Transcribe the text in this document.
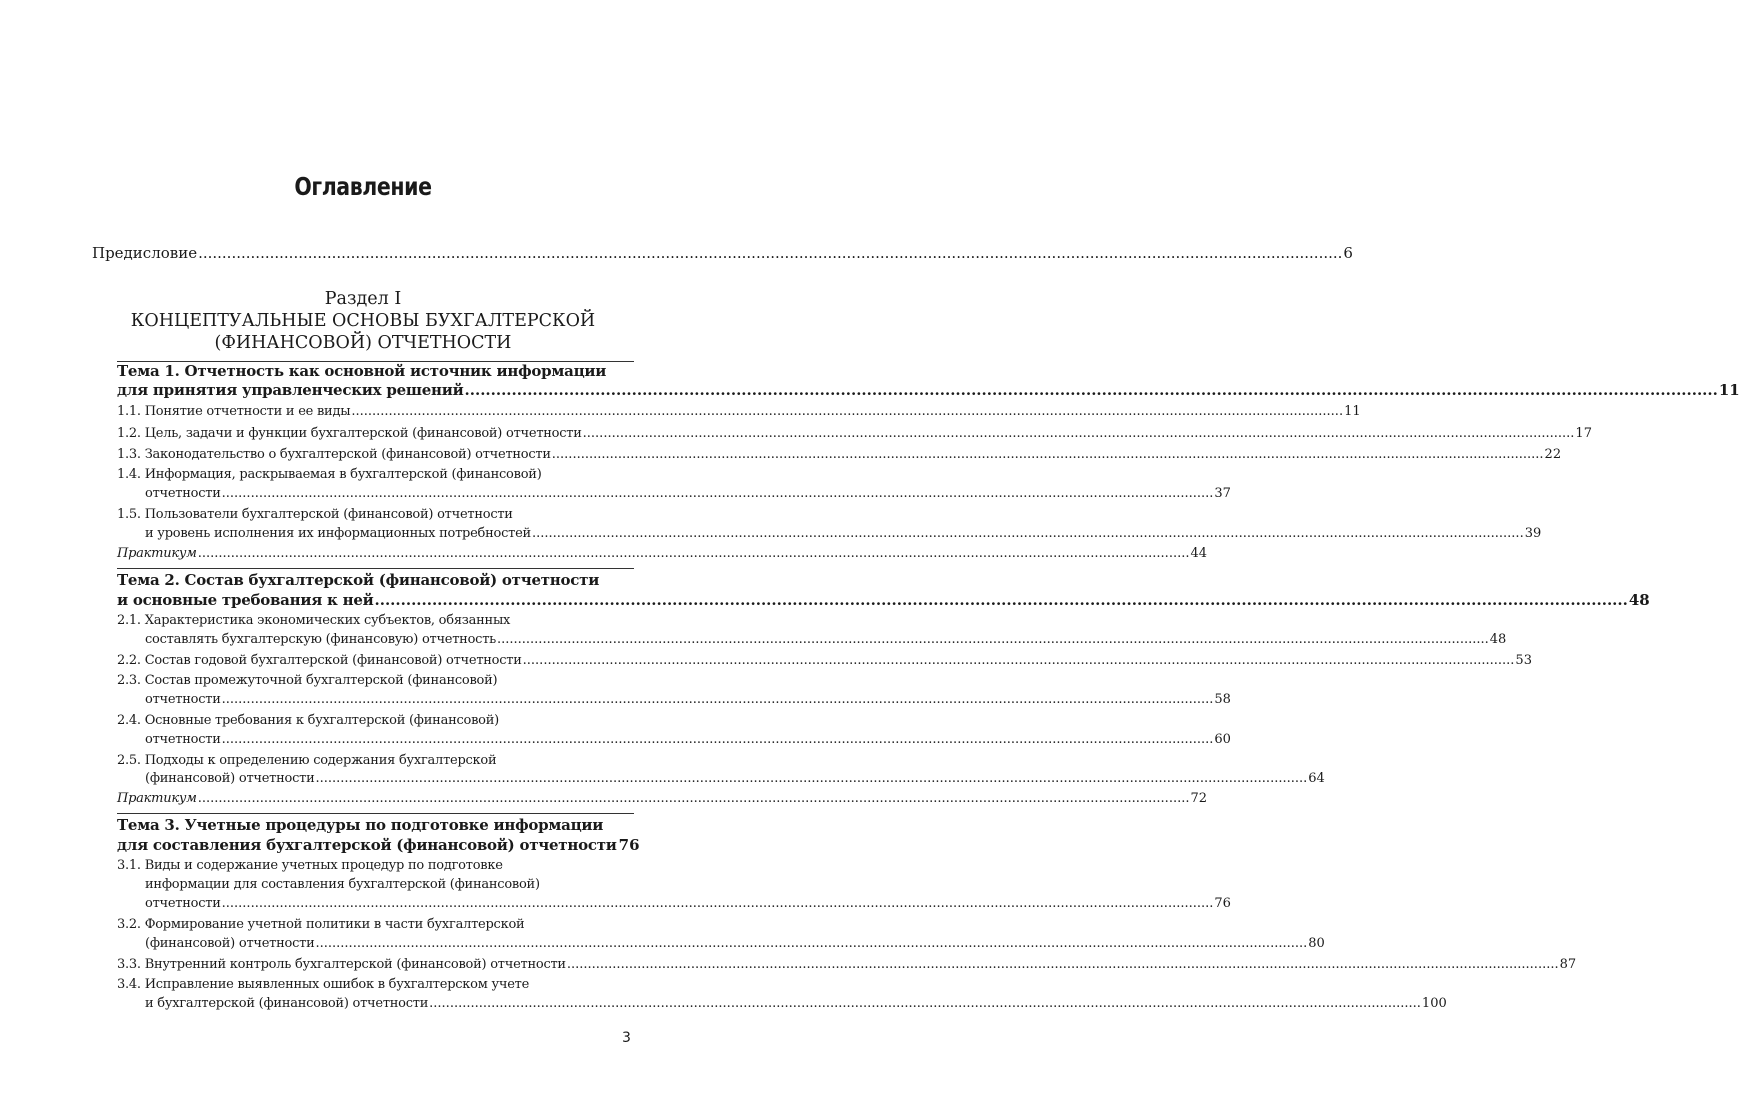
Оглавление
Предисловие .....	6
Раздел I
КОНЦЕПТУАЛЬНЫЕ ОСНОВЫ БУХГАЛТЕРСКОЙ
(ФИНАНСОВОЙ) ОТЧЕТНОСТИ
Тема 1. Отчетность как основной источник информации
для принятия управленческих решений .....	11
1.1. Понятие отчетности и ее виды .....	11
1.2. Цель, задачи и функции бухгалтерской (финансовой) отчетности .....	17
1.3. Законодательство о бухгалтерской (финансовой) отчетности .....	22
1.4. Информация, раскрываемая в бухгалтерской (финансовой)
отчетности .....	37
1.5. Пользователи бухгалтерской (финансовой) отчетности
и уровень исполнения их информационных потребностей .....	39
Практикум .....	44
Тема 2. Состав бухгалтерской (финансовой) отчетности
и основные требования к ней .....	48
2.1. Характеристика экономических субъектов, обязанных
составлять бухгалтерскую (финансовую) отчетность .....	48
2.2. Состав годовой бухгалтерской (финансовой) отчетности .....	53
2.3. Состав промежуточной бухгалтерской (финансовой)
отчетности .....	58
2.4. Основные требования к бухгалтерской (финансовой)
отчетности .....	60
2.5. Подходы к определению содержания бухгалтерской
(финансовой) отчетности .....	64
Практикум .....	72
Тема 3. Учетные процедуры по подготовке информации
для составления бухгалтерской (финансовой) отчетности 76
3.1. Виды и содержание учетных процедур по подготовке
информации для составления бухгалтерской (финансовой)
отчетности .....	76
3.2. Формирование учетной политики в части бухгалтерской
(финансовой) отчетности .....	80
3.3. Внутренний контроль бухгалтерской (финансовой) отчетности .....	87
3.4. Исправление выявленных ошибок в бухгалтерском учете
и бухгалтерской (финансовой) отчетности .....	100
3
